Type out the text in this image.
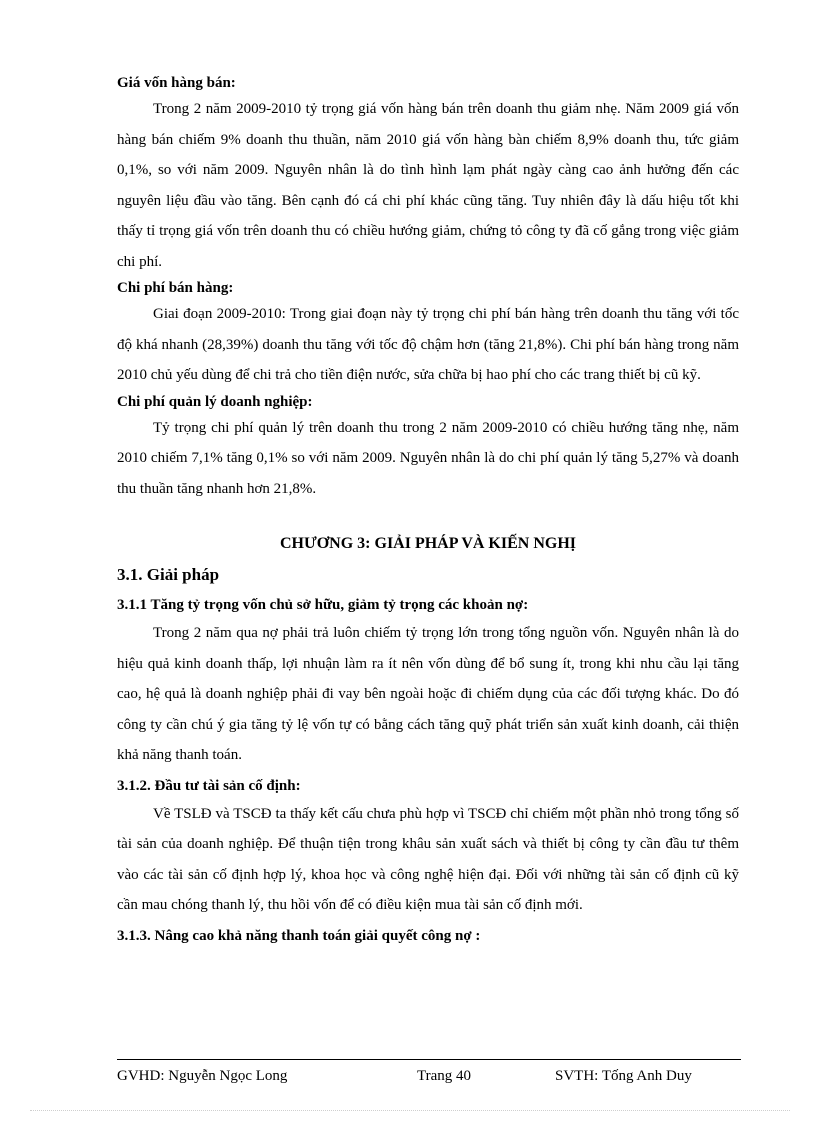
Giá vốn hàng bán:

Trong 2 năm 2009-2010 tỷ trọng giá vốn hàng bán trên doanh thu giảm nhẹ. Năm 2009 giá vốn hàng bán chiếm 9% doanh thu thuần, năm 2010 giá vốn hàng bàn chiếm 8,9% doanh thu, tức giảm 0,1%, so với năm 2009. Nguyên nhân là do tình hình lạm phát ngày càng cao ảnh hưởng đến các nguyên liệu đầu vào tăng. Bên cạnh đó cá chi phí khác cũng tăng. Tuy nhiên đây là dấu hiệu tốt khi thấy tỉ trọng giá vốn trên doanh thu có chiều hướng giảm, chứng tỏ công ty đã cố gắng trong việc giảm chi phí.

Chi phí bán hàng:

Giai đoạn 2009-2010: Trong giai đoạn này tỷ trọng chi phí bán hàng trên doanh thu tăng với tốc độ khá nhanh (28,39%) doanh thu tăng với tốc độ chậm hơn (tăng 21,8%). Chi phí bán hàng trong năm 2010 chủ yếu dùng để chi trả cho tiền điện nước, sửa chữa bị hao phí cho các trang thiết bị cũ kỹ.

Chi phí quản lý doanh nghiệp:

Tỷ trọng chi phí quản lý trên doanh thu trong 2 năm 2009-2010 có chiều hướng tăng nhẹ, năm 2010 chiếm 7,1% tăng 0,1% so với năm 2009. Nguyên nhân là do chi phí quản lý tăng 5,27% và doanh thu thuần tăng nhanh hơn 21,8%.

CHƯƠNG 3: GIẢI PHÁP VÀ KIẾN NGHỊ
3.1. Giải pháp
3.1.1 Tăng tỷ trọng vốn chủ sở hữu, giảm tỷ trọng các khoản nợ:

Trong 2 năm qua nợ phải trả luôn chiếm tỷ trọng lớn trong tổng nguồn vốn. Nguyên nhân là do hiệu quả kinh doanh thấp, lợi nhuận làm ra ít nên vốn dùng để bổ sung ít, trong khi nhu cầu lại tăng cao, hệ quả là doanh nghiệp phải đi vay bên ngoài hoặc đi chiếm dụng của các đối tượng khác. Do đó công ty cần chú ý gia tăng tỷ lệ vốn tự có bằng cách tăng quỹ phát triển sản xuất kinh doanh, cải thiện khả năng thanh toán.

3.1.2. Đầu tư tài sản cố định:

Về TSLĐ và TSCĐ ta thấy kết cấu chưa phù hợp vì TSCĐ chỉ chiếm một phần nhỏ trong tổng số tài sản của doanh nghiệp. Để thuận tiện trong khâu sản xuất sách và thiết bị công ty cần đầu tư thêm vào các tài sản cố định hợp lý, khoa học và công nghệ hiện đại. Đối với những tài sản cố định cũ kỹ cần mau chóng thanh lý, thu hồi vốn để có điều kiện mua tài sản cố định mới.

3.1.3. Nâng cao khả năng thanh toán giải quyết công nợ :
GVHD: Nguyễn Ngọc Long	Trang 40	SVTH: Tống Anh Duy
